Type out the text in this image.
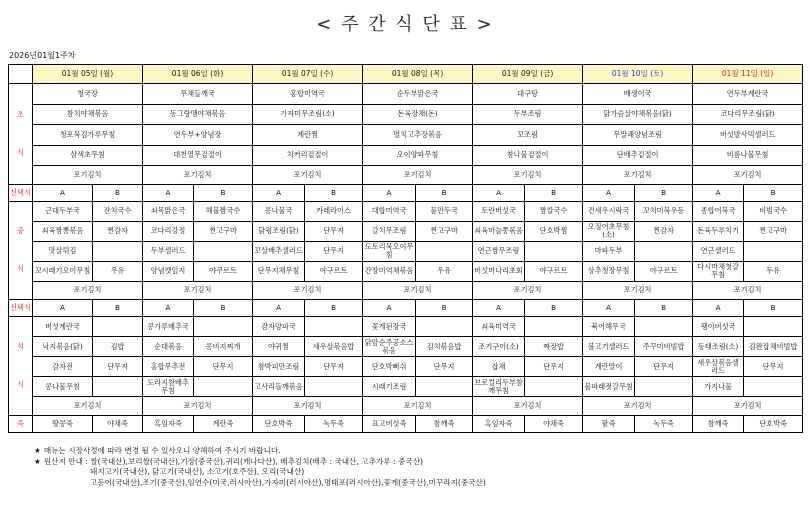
< 주 간 식 단 표 >
2026년01월1주차
	01월 05일 (월)		01월 06일 (화)		01월 07일 (수)		01월 08일 (목)		01월 09일 (금)		01월 10일 (토)		01월 11일 (일)	

조
식	청국장		무채들깨국		홍합미역국		순두부맑은국		대구탕		배생이국		연두부계란국	
	참치야채볶음		동그랑땡야채볶음		가자미무조림(소)		돈육장채(돈)		두부조림		닭가슴살야채볶음(닭)		코다리무조림(닭)	
	청포묵김가루무침		연두부+양념장		계란찜		멸치고추장볶음		꼬조림		무말쾌양념조림		버섯발사믹샐러드	
	삼색초무침		대천열무겉절이		치커리겉절이		오이양파무침		참나물겉절이		단배추겉절이		비름나물무침	
	포기김치		포기김치		포기김치		포기김치		포기김치		포기김치		포기김치	
선택식	A	B	A	B	A	B	A	B	A	B	A	B	A	B

중
식	근대두부국	잔치국수	쇠목맑은국	해물짬국수	콩나물국	카레라이스	대합미역국	물만두국	토란버섯국	짬칼국수	건새우시락국	꼬치미묵우동	종합어묵국	비빔국수
	쇠육짬뽕볶음	찐감자	코다리강정	찐고구마	닭윙조림(닭)	단무지	갈치무조림	찐고구마	쇠육마늘쫑볶음	단호박찜	오징어초무침(소)	찐감자	돈육두루치기	찐고구마
	맛살튀김		두부샐러드		꼬살배추샐러드	단무지	도토리묵오이무침		연근쌈무조림		마파두부		연근샐러드	
	꼬시래기오이무침	우유	양념깻잎지	야쿠르트	단무지채무침	야구르트	간장미역채볶음	우유	버섯머나리초회	야구르트	상추청장무침	야구르트	다시마채첫갈무침	두유
	포기김치		포기김치		포기김치		포기김치		포기김치		포기김치		포기김치	
선택식	A	B	A	B	A	B	A	B	A	B	A	B	A	B

석
식	버섯계란국		콩가루배추국		감자양파국		꽃게된장국		쇠육미역국		북어해무국		팽이버섯국	
	낙지볶음(닭)	김밥	순대볶음	콩비지찌개	야귀찜	새우살볶음밥	닭앞순주공소스볶음	김치볶음밥	조기구이(소)	짜장밥	불고기샐러드	주꾸미비빔밥	동태조림(소)	김완잡채비빔밥
	감자전	단무지	홍합무추전	단무지	참박피만조림	단무지	단호박뻐쉬	단무지	잡채	단무지	계란말이	단무지	새우살볶음샐러드	단무지
	콩나물무침		도라지참배추무침		고사리들깨볶음		시래기조림		브로컬리두부참깨무침		물파래젓갈무침		가지나물	
	포기김치		포기김치		포기김치		포기김치		포기김치		포기김치		포기김치	
죽	땅콩죽	야채죽	흑임자죽	계란죽	단호박죽	녹두죽	표고버섯죽	참깨죽	흑임자죽	야채죽	팥죽	녹두죽	참깨죽	단호박죽
★ 매뉴는 시장사정에 따라 변경 될 수 있사오니 양해하여 주시기 바랍니다.
★ 원산지 안내 : 쌀(국내산),보리쌀(국내산),기장(중국산),귀리(캐나다산), 배추김치(배추 : 국내산, 고추가루 : 중국산)
돼지고기(국내산), 닭고기(국내산), 소고기(호주산), 오리(국내산)
고등어(국내산),조기(중국산),임연수(미국,러시아산),가자미(러시아산),명태포(러시아산),꽃게(중국산),미꾸라지(중국산)
